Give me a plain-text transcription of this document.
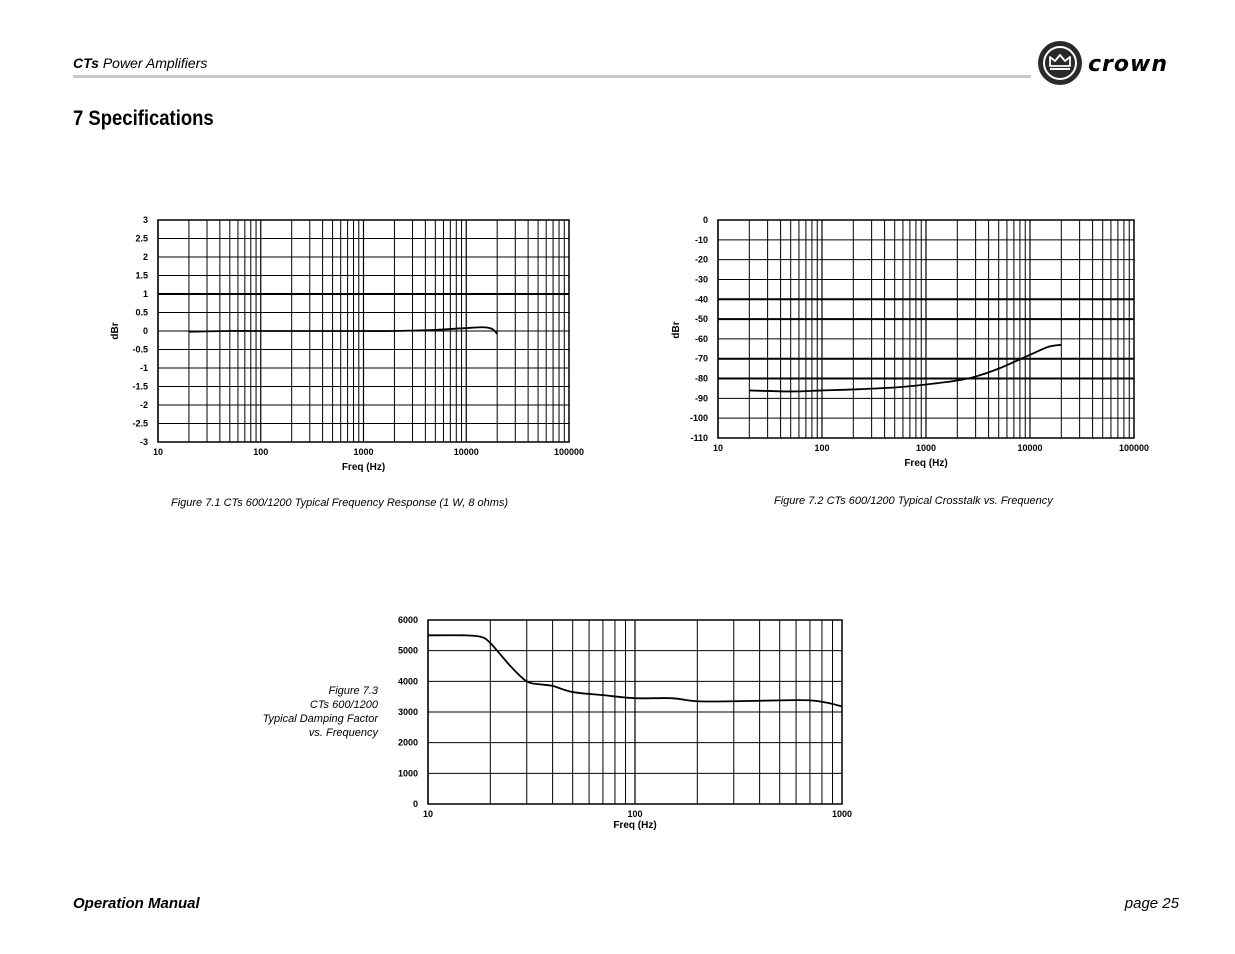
CTs Power Amplifiers	crown
7 Specifications
3
2.5
2
1.5
1
0.5
0
-0.5
-1
-1.5
-2
-2.5
-3
10	100	1000	10000	100000
Freq (Hz)
dBr
0
-10
-20
-30
-40
-50
-60
-70
-80
-90
-100
-110
10	100	1000	10000	100000
Freq (Hz)
dBr
6000
5000
4000
3000
2000
1000
0
10	100	1000
Freq (Hz)
Figure 7.1 CTs 600/1200 Typical Frequency Response (1 W, 8 ohms)	Figure 7.2 CTs 600/1200 Typical Crosstalk vs. Frequency
Figure 7.3
CTs 600/1200
Typical Damping Factor
vs. Frequency
Operation Manual	page 25
